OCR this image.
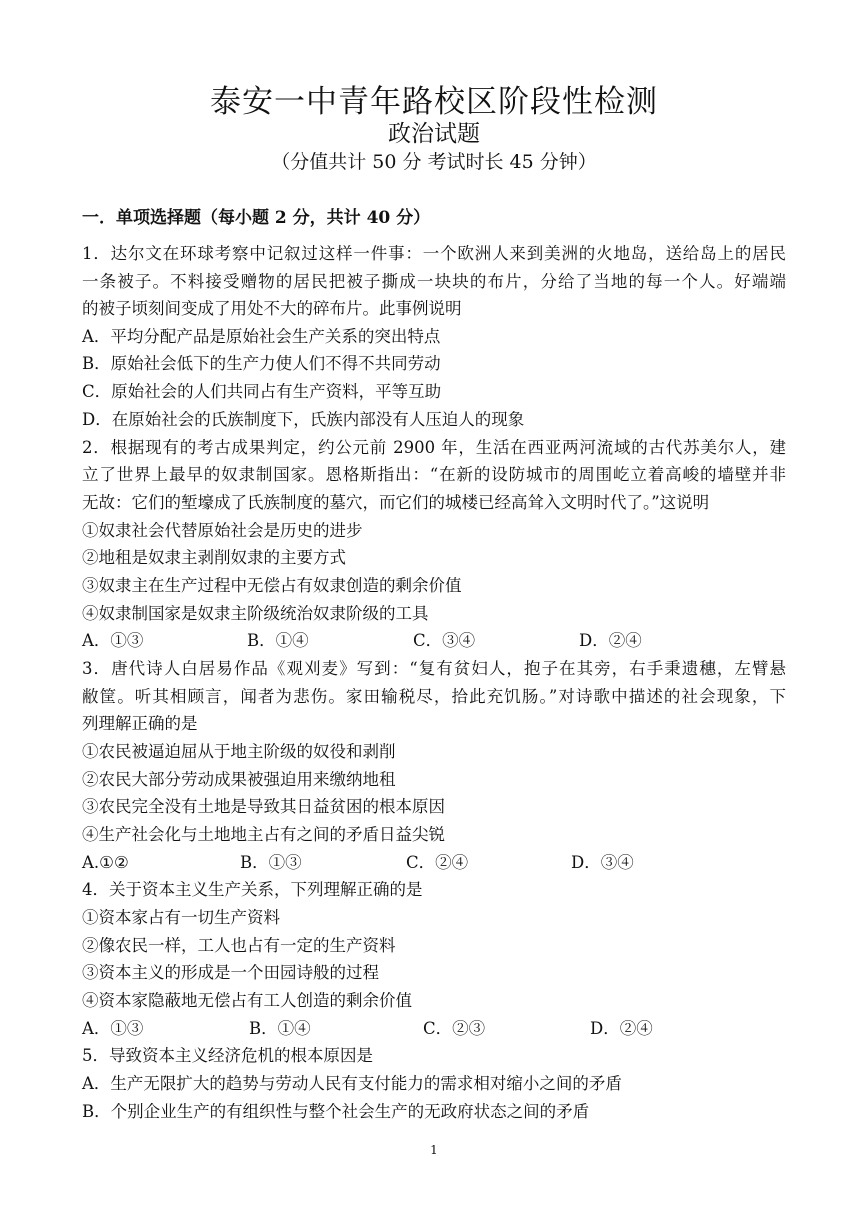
泰安一中青年路校区阶段性检测
政治试题
（分值共计 50 分 考试时长 45 分钟）
一．单项选择题（每小题 2 分，共计 40 分）
1．达尔文在环球考察中记叙过这样一件事：一个欧洲人来到美洲的火地岛，送给岛上的居民
一条被子。不料接受赠物的居民把被子撕成一块块的布片，分给了当地的每一个人。好端端
的被子顷刻间变成了用处不大的碎布片。此事例说明
A．平均分配产品是原始社会生产关系的突出特点
B．原始社会低下的生产力使人们不得不共同劳动
C．原始社会的人们共同占有生产资料，平等互助
D．在原始社会的氏族制度下，氏族内部没有人压迫人的现象
2．根据现有的考古成果判定，约公元前 2900 年，生活在西亚两河流域的古代苏美尔人，建
立了世界上最早的奴隶制国家。恩格斯指出：“在新的设防城市的周围屹立着高峻的墙壁并非
无故：它们的堑壕成了氏族制度的墓穴，而它们的城楼已经高耸入文明时代了。”这说明
①奴隶社会代替原始社会是历史的进步
②地租是奴隶主剥削奴隶的主要方式
③奴隶主在生产过程中无偿占有奴隶创造的剩余价值
④奴隶制国家是奴隶主阶级统治奴隶阶级的工具
A．①③	B．①④	C．③④	D．②④
3．唐代诗人白居易作品《观刈麦》写到：“复有贫妇人，抱子在其旁，右手秉遗穗，左臂悬
敝筐。听其相顾言，闻者为悲伤。家田输税尽，拾此充饥肠。”对诗歌中描述的社会现象，下
列理解正确的是
①农民被逼迫屈从于地主阶级的奴役和剥削
②农民大部分劳动成果被强迫用来缴纳地租
③农民完全没有土地是导致其日益贫困的根本原因
④生产社会化与土地地主占有之间的矛盾日益尖锐
A.①②	B．①③	C．②④	D．③④
4．关于资本主义生产关系，下列理解正确的是
①资本家占有一切生产资料
②像农民一样，工人也占有一定的生产资料
③资本主义的形成是一个田园诗般的过程
④资本家隐蔽地无偿占有工人创造的剩余价值
A．①③	B．①④	C．②③	D．②④
5．导致资本主义经济危机的根本原因是
A．生产无限扩大的趋势与劳动人民有支付能力的需求相对缩小之间的矛盾
B．个别企业生产的有组织性与整个社会生产的无政府状态之间的矛盾
1
